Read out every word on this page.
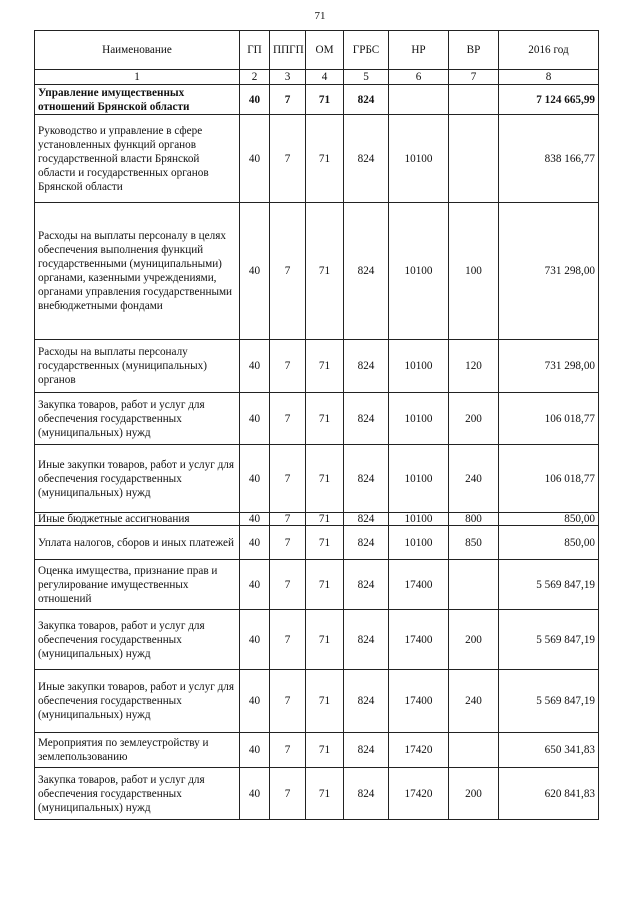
71
Наименование	ГП	ППГП	ОМ	ГРБС	НР	ВР	2016 год
1	2	3	4	5	6	7	8
Управление имущественных отношений Брянской области	40	7	71	824			7 124 665,99
Руководство и управление в сфере установленных функций органов государственной власти Брянской области и государственных органов Брянской области	40	7	71	824	10100		838 166,77
Расходы на выплаты персоналу в целях обеспечения выполнения функций государственными (муниципальными) органами, казенными учреждениями, органами управления государственными внебюджетными фондами	40	7	71	824	10100	100	731 298,00
Расходы на выплаты персоналу государственных (муниципальных) органов	40	7	71	824	10100	120	731 298,00
Закупка товаров, работ и услуг для обеспечения государственных (муниципальных) нужд	40	7	71	824	10100	200	106 018,77
Иные закупки товаров, работ и услуг для обеспечения государственных (муниципальных) нужд	40	7	71	824	10100	240	106 018,77
Иные бюджетные ассигнования	40	7	71	824	10100	800	850,00
Уплата налогов, сборов и иных платежей	40	7	71	824	10100	850	850,00
Оценка имущества, признание прав и регулирование имущественных отношений	40	7	71	824	17400		5 569 847,19
Закупка товаров, работ и услуг для обеспечения государственных (муниципальных) нужд	40	7	71	824	17400	200	5 569 847,19
Иные закупки товаров, работ и услуг для обеспечения государственных (муниципальных) нужд	40	7	71	824	17400	240	5 569 847,19
Мероприятия по землеустройству и землепользованию	40	7	71	824	17420		650 341,83
Закупка товаров, работ и услуг для обеспечения государственных (муниципальных) нужд	40	7	71	824	17420	200	620 841,83
